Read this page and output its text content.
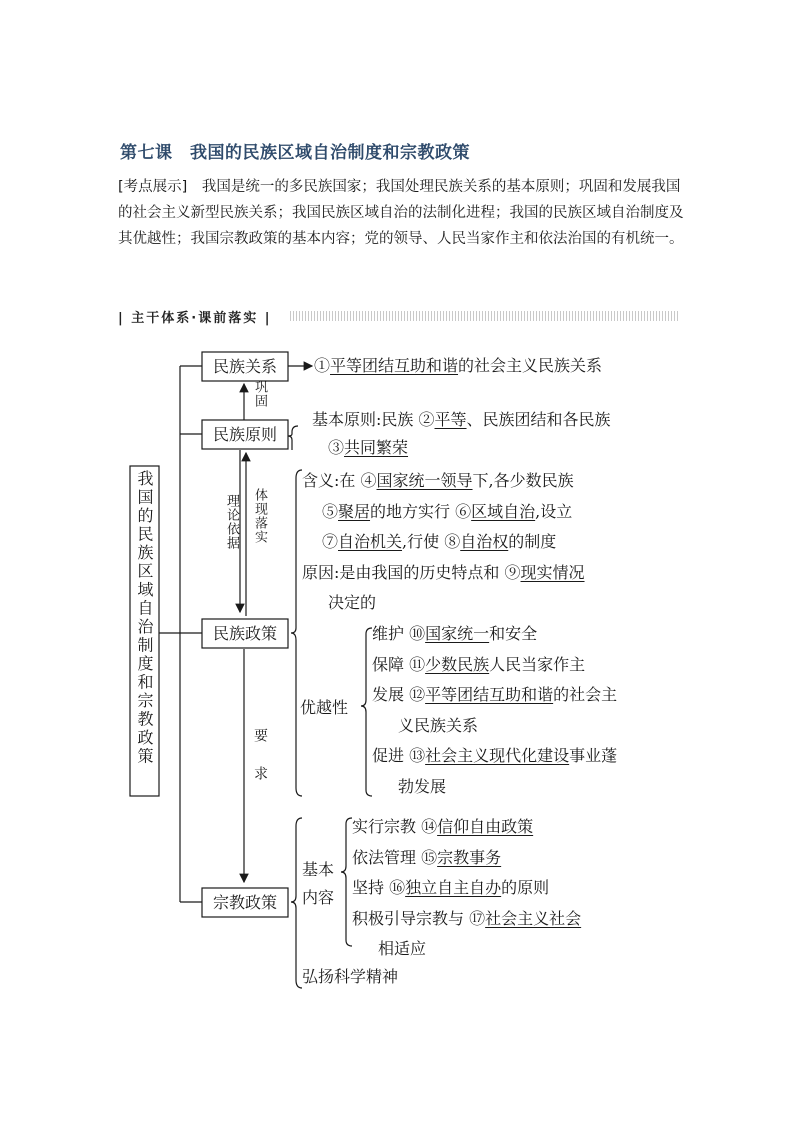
第七课　我国的民族区域自治制度和宗教政策
[考点展示]　我国是统一的多民族国家；我国处理民族关系的基本原则；巩固和发展我国的社会主义新型民族关系；我国民族区域自治的法制化进程；我国的民族区域自治制度及其优越性；我国宗教政策的基本内容；党的领导、人民当家作主和依法治国的有机统一。
| 主干体系·课前落实 |
我国的民族区域自治制度和宗教政策
民族关系
民族原则
民族政策
宗教政策
巩固
理论依据 体现落实
要求
①平等团结互助和谐的社会主义民族关系
基本原则:民族 ②平等、民族团结和各民族
③共同繁荣
含义:在 ④国家统一领导下,各少数民族
⑤聚居的地方实行 ⑥区域自治,设立
⑦自治机关,行使 ⑧自治权的制度
原因:是由我国的历史特点和 ⑨现实情况
决定的
优越性
维护 ⑩国家统一和安全
保障 ⑪少数民族人民当家作主
发展 ⑫平等团结互助和谐的社会主
义民族关系
促进 ⑬社会主义现代化建设事业蓬
勃发展
基本内容
实行宗教 ⑭信仰自由政策
依法管理 ⑮宗教事务
坚持 ⑯独立自主自办的原则
积极引导宗教与 ⑰社会主义社会
相适应
弘扬科学精神
